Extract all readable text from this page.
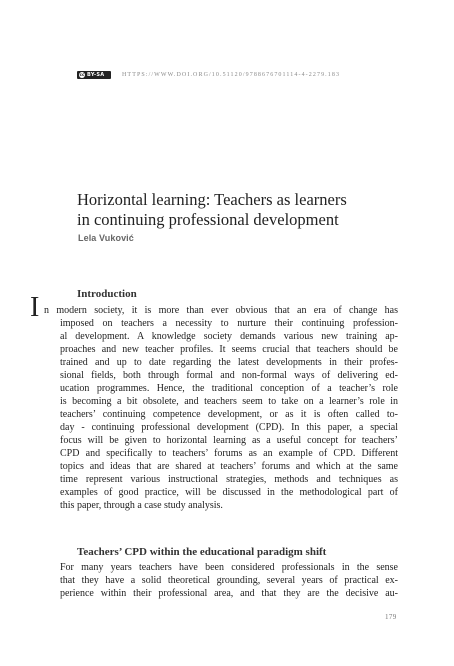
cc BY-SA	HTTPS://WWW.DOI.ORG/10.51120/9788676701114-4-2279.183
Horizontal learning: Teachers as learners
in continuing professional development
Lela Vuković
Introduction
I n modern society, it is more than ever obvious that an era of change has
imposed on teachers a necessity to nurture their continuing profession-
al development. A knowledge society demands various new training ap-
proaches and new teacher profiles. It seems crucial that teachers should be
trained and up to date regarding the latest developments in their profes-
sional fields, both through formal and non-formal ways of delivering ed-
ucation programmes. Hence, the traditional conception of a teacher’s role
is becoming a bit obsolete, and teachers seem to take on a learner’s role in
teachers’ continuing competence development, or as it is often called to-
day - continuing professional development (CPD). In this paper, a special
focus will be given to horizontal learning as a useful concept for teachers’
CPD and specifically to teachers’ forums as an example of CPD. Different
topics and ideas that are shared at teachers’ forums and which at the same
time represent various instructional strategies, methods and techniques as
examples of good practice, will be discussed in the methodological part of
this paper, through a case study analysis.
Teachers’ CPD within the educational paradigm shift
For many years teachers have been considered professionals in the sense
that they have a solid theoretical grounding, several years of practical ex-
perience within their professional area, and that they are the decisive au-
179
